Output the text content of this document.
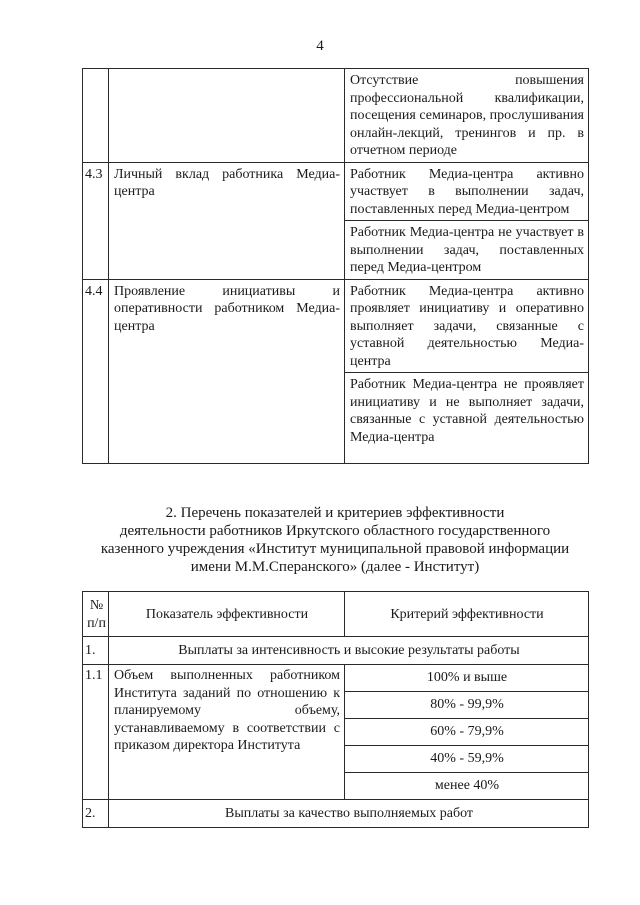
4
		Отсутствие повышения профессиональной квалификации, посещения семинаров, прослушивания онлайн-лекций, тренингов и пр. в отчетном периоде
4.3	Личный вклад работника Медиа-центра	Работник Медиа-центра активно участвует в выполнении задач, поставленных перед Медиа-центром
		Работник Медиа-центра не участвует в выполнении задач, поставленных перед Медиа-центром
4.4	Проявление инициативы и оперативности работником Медиа-центра	Работник Медиа-центра активно проявляет инициативу и оперативно выполняет задачи, связанные с уставной деятельностью Медиа-центра
		Работник Медиа-центра не проявляет инициативу и не выполняет задачи, связанные с уставной деятельностью Медиа-центра
2. Перечень показателей и критериев эффективности
деятельности работников Иркутского областного государственного
казенного учреждения «Институт муниципальной правовой информации
имени М.М.Сперанского» (далее - Институт)
№ п/п	Показатель эффективности	Критерий эффективности
1.	Выплаты за интенсивность и высокие результаты работы	
1.1	Объем выполненных работником Института заданий по отношению к планируемому объему, устанавливаемому в соответствии с приказом директора Института	100% и выше
		80% - 99,9%
		60% - 79,9%
		40% - 59,9%
		менее 40%
2.	Выплаты за качество выполняемых работ	
